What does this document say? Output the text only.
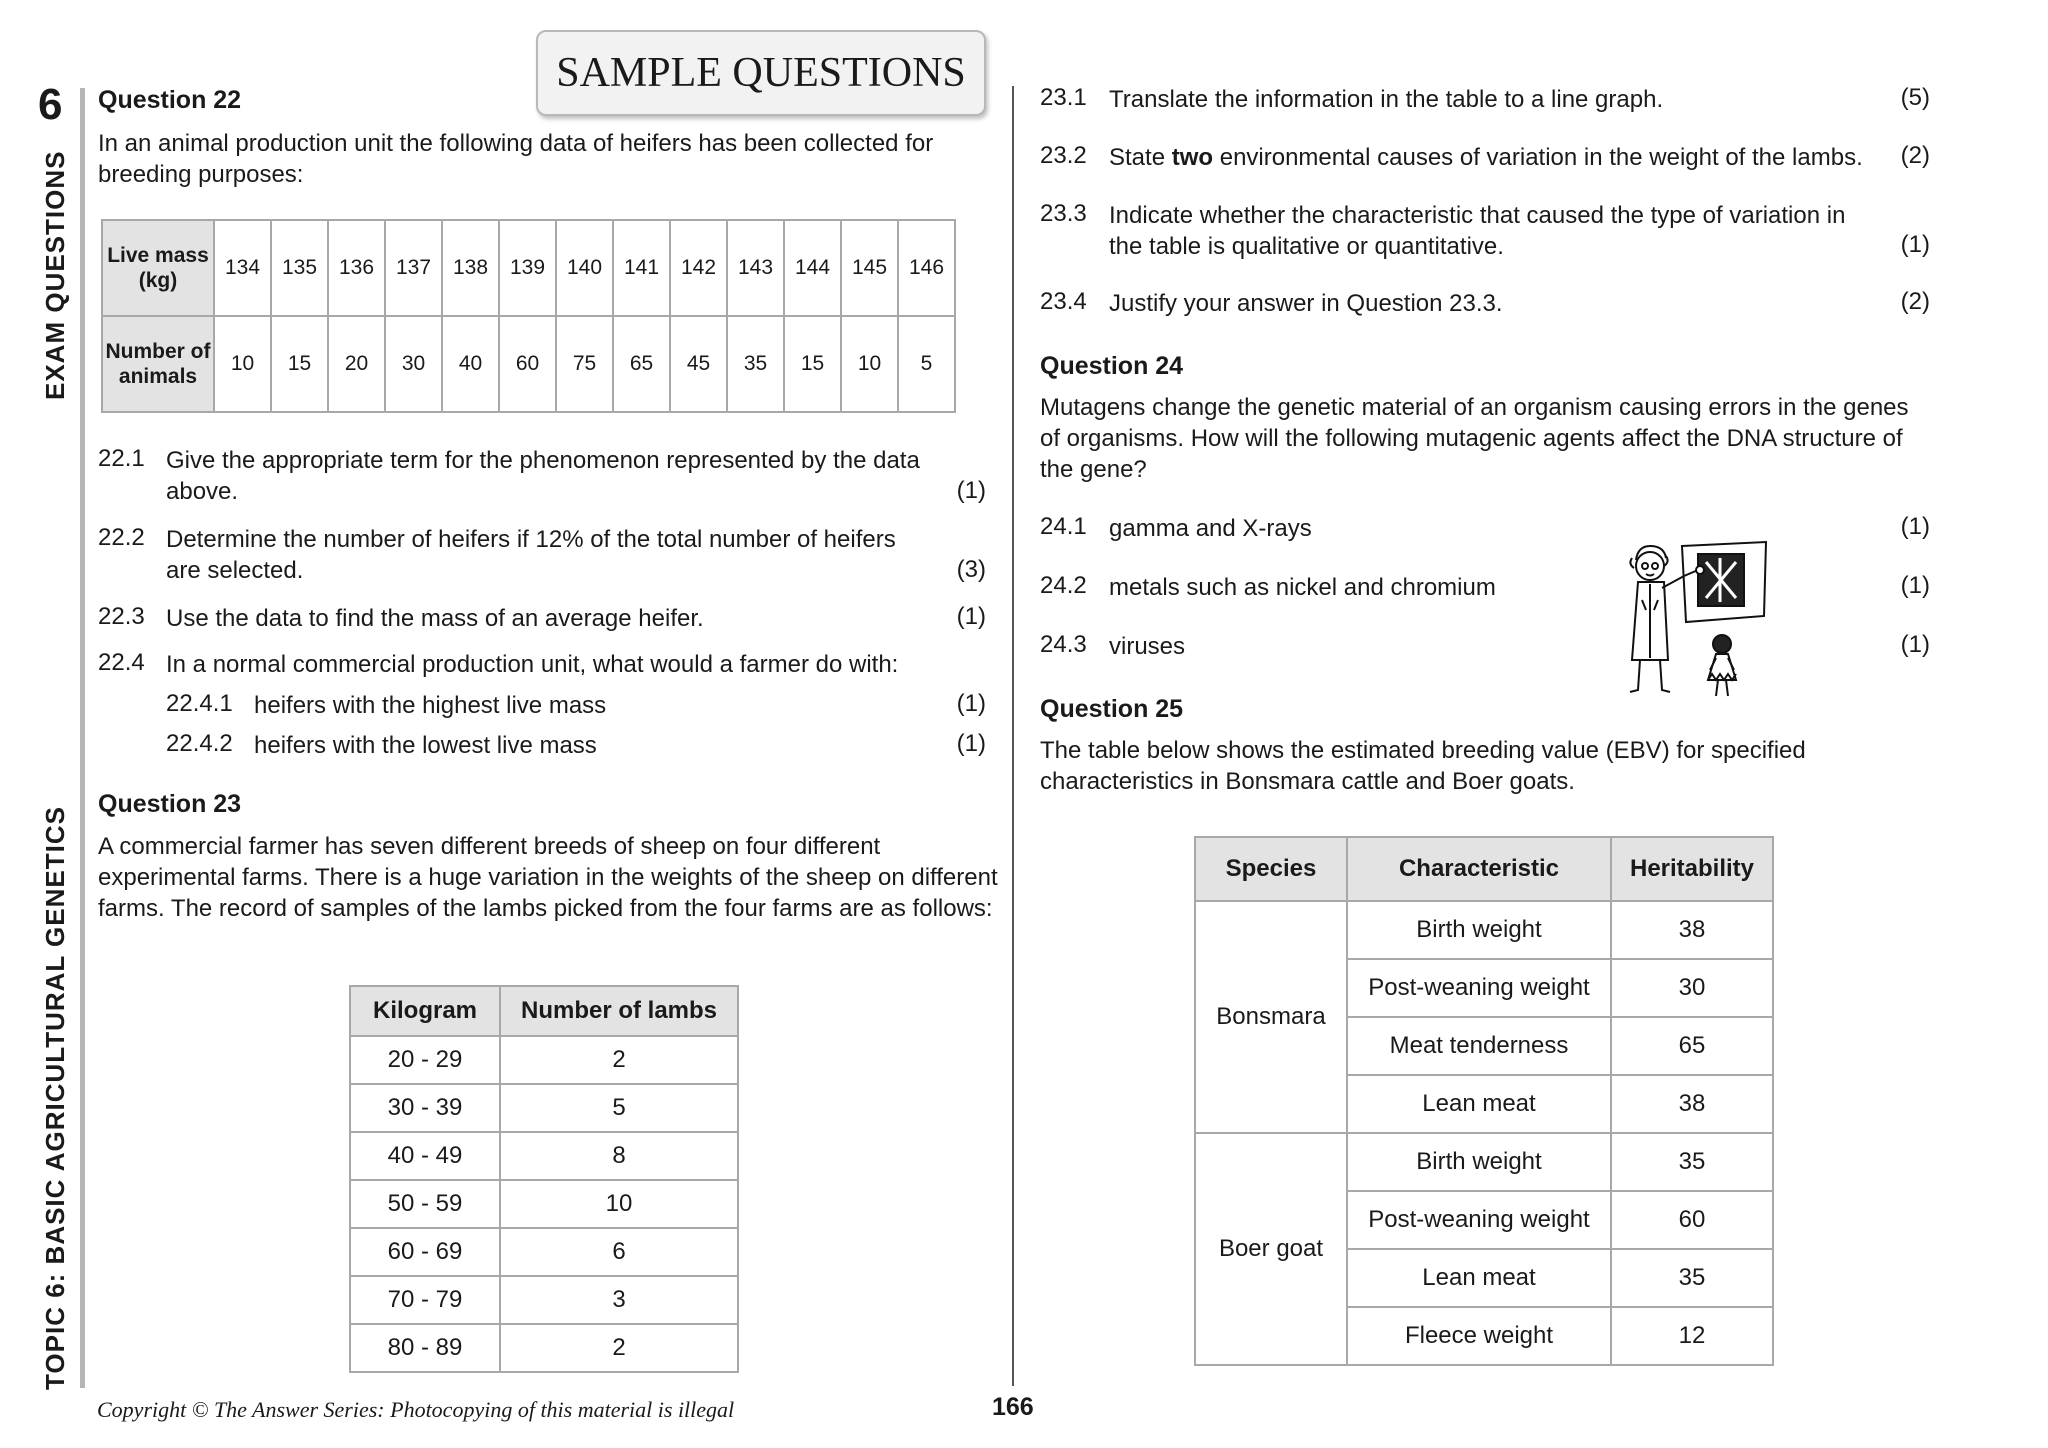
6
EXAM QUESTIONS
TOPIC 6: BASIC AGRICULTURAL GENETICS
SAMPLE QUESTIONS
Question 22
In an animal production unit the following data of heifers has been collected for breeding purposes:
Live mass (kg)	134	135	136	137	138	139	140	141	142	143	144	145	146
Number of animals	10	15	20	30	40	60	75	65	45	35	15	10	5
22.1 Give the appropriate term for the phenomenon represented by the data above.	(1)
22.2 Determine the number of heifers if 12% of the total number of heifers are selected.	(3)
22.3 Use the data to find the mass of an average heifer.	(1)
22.4 In a normal commercial production unit, what would a farmer do with:
22.4.1 heifers with the highest live mass	(1)
22.4.2 heifers with the lowest live mass	(1)
Question 23
A commercial farmer has seven different breeds of sheep on four different experimental farms. There is a huge variation in the weights of the sheep on different farms. The record of samples of the lambs picked from the four farms are as follows:
Kilogram	Number of lambs
20 - 29	2
30 - 39	5
40 - 49	8
50 - 59	10
60 - 69	6
70 - 79	3
80 - 89	2
23.1 Translate the information in the table to a line graph.	(5)
23.2 State two environmental causes of variation in the weight of the lambs.	(2)
23.3 Indicate whether the characteristic that caused the type of variation in the table is qualitative or quantitative.	(1)
23.4 Justify your answer in Question 23.3.	(2)
Question 24
Mutagens change the genetic material of an organism causing errors in the genes of organisms. How will the following mutagenic agents affect the DNA structure of the gene?
24.1 gamma and X-rays	(1)
24.2 metals such as nickel and chromium	(1)
24.3 viruses	(1)
Question 25
The table below shows the estimated breeding value (EBV) for specified characteristics in Bonsmara cattle and Boer goats.
Species	Characteristic	Heritability
Bonsmara	Birth weight	38
	Post-weaning weight	30
	Meat tenderness	65
	Lean meat	38
Boer goat	Birth weight	35
	Post-weaning weight	60
	Lean meat	35
	Fleece weight	12
Copyright © The Answer Series: Photocopying of this material is illegal	166
